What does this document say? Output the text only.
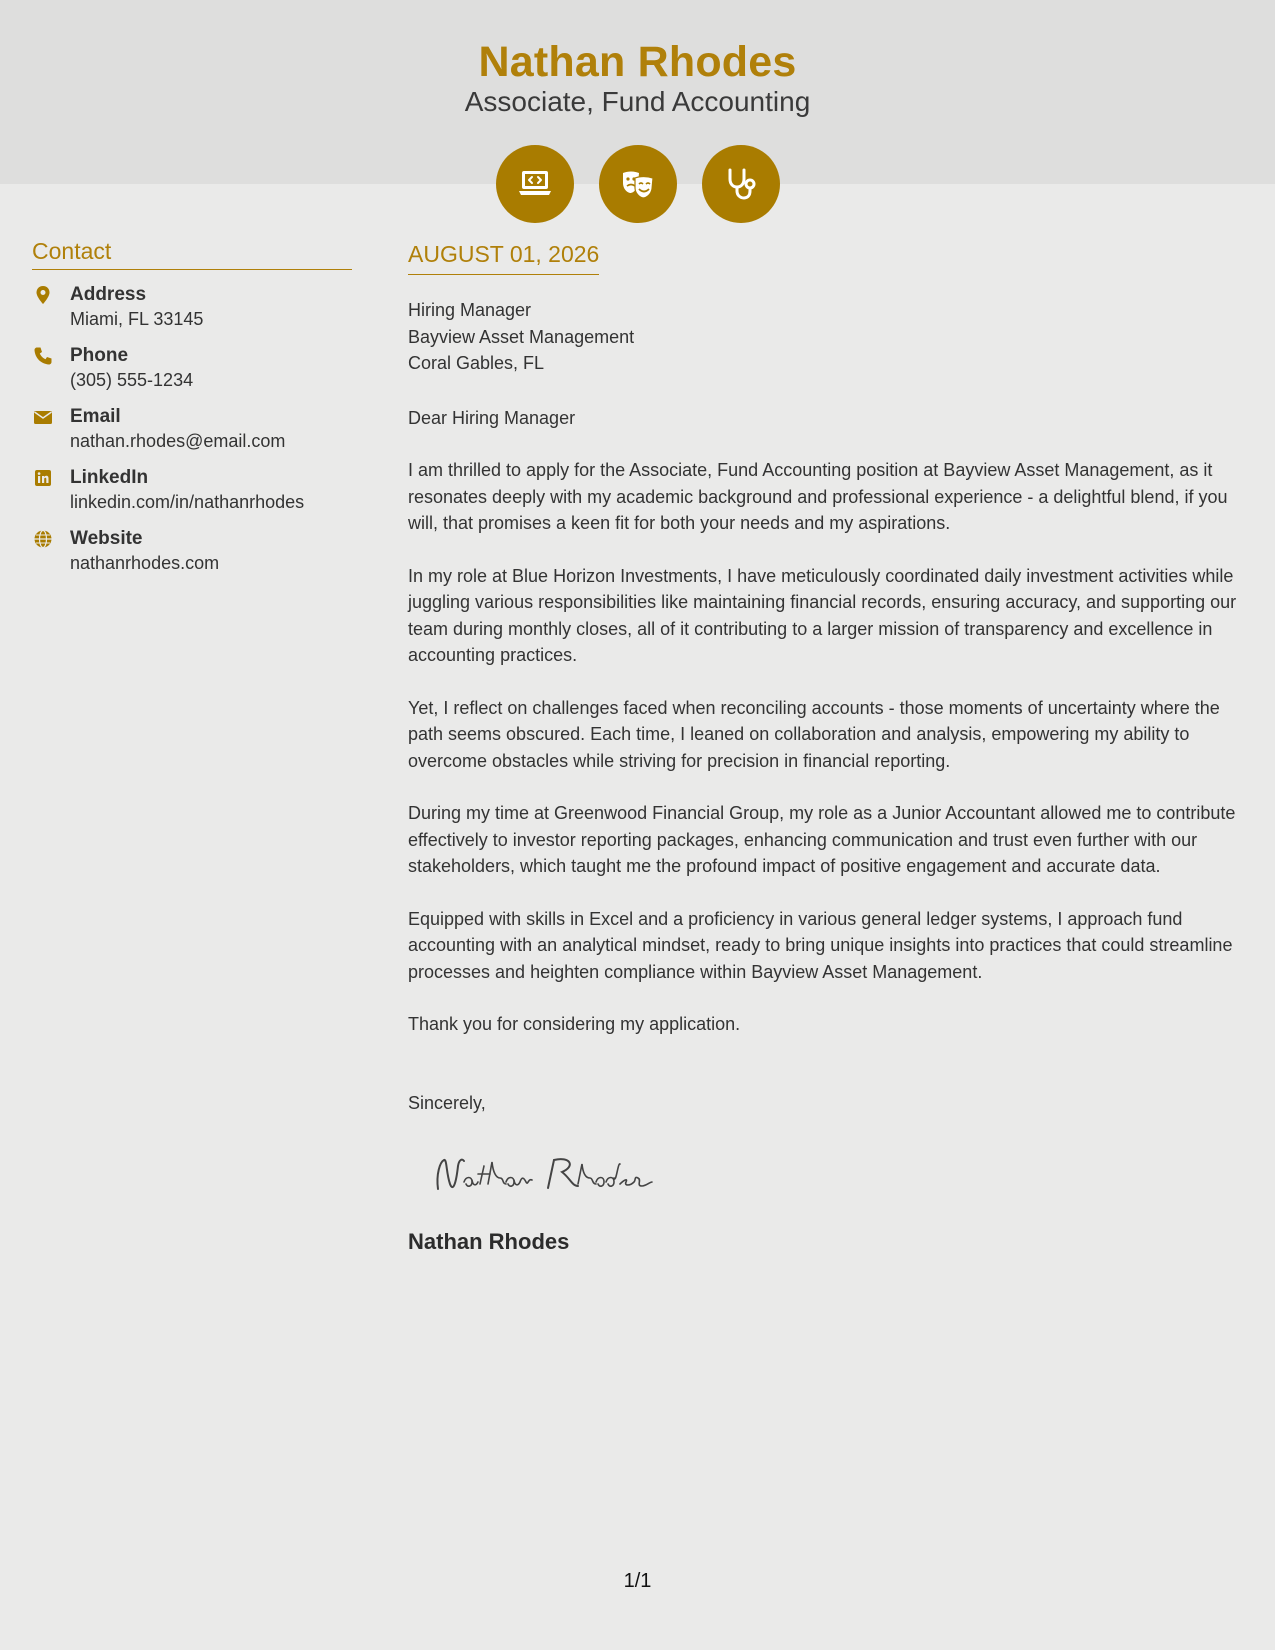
Nathan Rhodes
Associate, Fund Accounting
Contact
Address
Miami, FL 33145
Phone
(305) 555-1234
Email
nathan.rhodes@email.com
LinkedIn
linkedin.com/in/nathanrhodes
Website
nathanrhodes.com
AUGUST 01, 2026
Hiring Manager
Bayview Asset Management
Coral Gables, FL
Dear Hiring Manager
I am thrilled to apply for the Associate, Fund Accounting position at Bayview Asset Management, as it resonates deeply with my academic background and professional experience - a delightful blend, if you will, that promises a keen fit for both your needs and my aspirations.
In my role at Blue Horizon Investments, I have meticulously coordinated daily investment activities while juggling various responsibilities like maintaining financial records, ensuring accuracy, and supporting our team during monthly closes, all of it contributing to a larger mission of transparency and excellence in accounting practices.
Yet, I reflect on challenges faced when reconciling accounts - those moments of uncertainty where the path seems obscured. Each time, I leaned on collaboration and analysis, empowering my ability to overcome obstacles while striving for precision in financial reporting.
During my time at Greenwood Financial Group, my role as a Junior Accountant allowed me to contribute effectively to investor reporting packages, enhancing communication and trust even further with our stakeholders, which taught me the profound impact of positive engagement and accurate data.
Equipped with skills in Excel and a proficiency in various general ledger systems, I approach fund accounting with an analytical mindset, ready to bring unique insights into practices that could streamline processes and heighten compliance within Bayview Asset Management.
Thank you for considering my application.
Sincerely,
Nathan Rhodes
1/1
